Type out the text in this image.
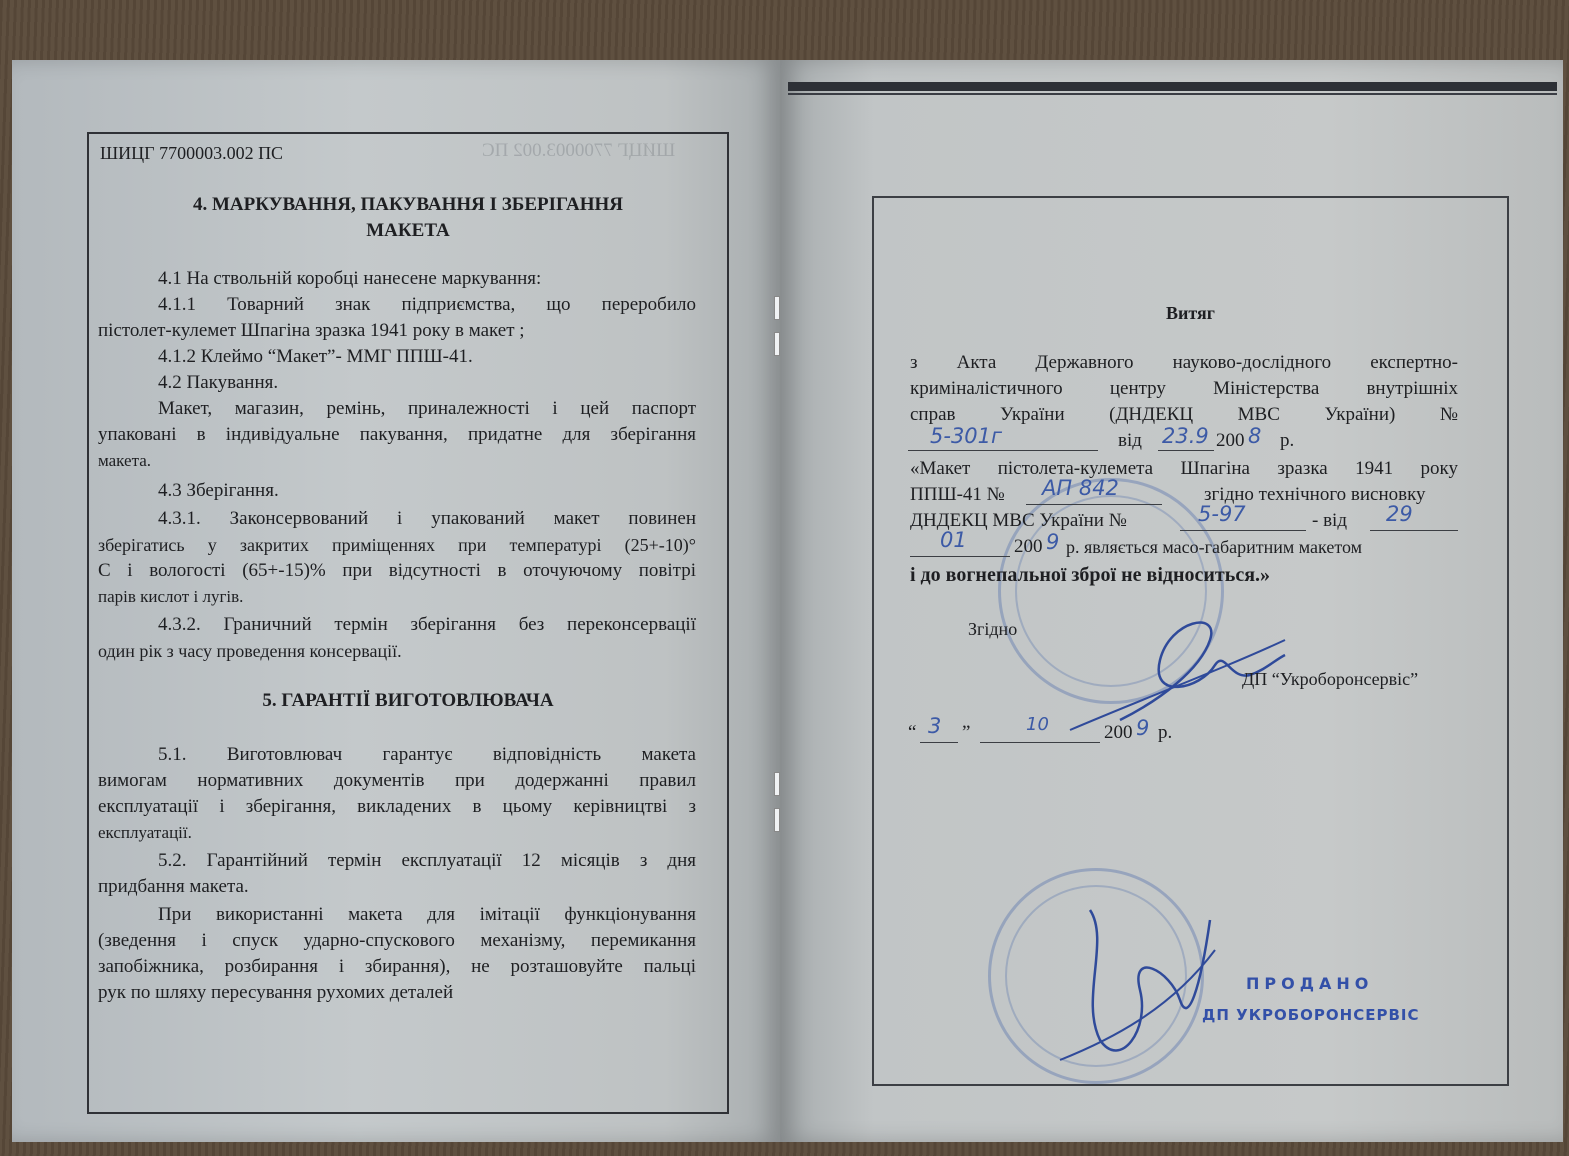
ШИЦГ 7700003.002 ПС
ШИЦГ 7700003.002 ПС
4. МАРКУВАННЯ, ПАКУВАННЯ І ЗБЕРІГАННЯ
МАКЕТА
4.1 На ствольній коробці нанесене маркування:
4.1.1 Товарний знак підприємства, що переробило
пістолет-кулемет Шпагіна зразка 1941 року в макет ;
4.1.2 Клеймо “Макет”- ММГ ППШ-41.
4.2 Пакування.
Макет, магазин, ремінь, приналежності і цей паспорт
упаковані в індивідуальне пакування, придатне для зберігання
макета.
4.3 Зберігання.
4.3.1. Законсервований і упакований макет повинен
зберігатись у закритих приміщеннях при температурі (25+-10)°
С і вологості (65+-15)% при відсутності в оточуючому повітрі
парів кислот і лугів.
4.3.2. Граничний термін зберігання без переконсервації
один рік з часу проведення консервації.
5. ГАРАНТІЇ ВИГОТОВЛЮВАЧА
5.1. Виготовлювач гарантує відповідність макета
вимогам нормативних документів при додержанні правил
експлуатації і зберігання, викладених в цьому керівництві з
експлуатації.
5.2. Гарантійний термін експлуатації 12 місяців з дня
придбання макета.
При використанні макета для імітації функціонування
(зведення і спуск ударно-спускового механізму, перемикання
запобіжника, розбирання і збирання), не розташовуйте пальці
рук по шляху пересування рухомих деталей
Витяг
з Акта Державного науково-дослідного експертно-
криміналістичного центру Міністерства внутрішніх
справ України (ДНДЕКЦ МВС України) №
5-301г	від 23.9 200 8 р.
«Макет пістолета-кулемета Шпагіна зразка 1941 року
ППШ-41 № АП 842	згідно технічного висновку
ДНДЕКЦ МВС України №	5-97	- від 29
01 200 9 р. являється масо-габаритним макетом
і до вогнепальної зброї не відноситься.»
Згідно
ДП “Укроборонсервіс”
“ 3 ”	10	200 9 р.
ПРОДАНО
ДП УКРОБОРОНСЕРВІС
